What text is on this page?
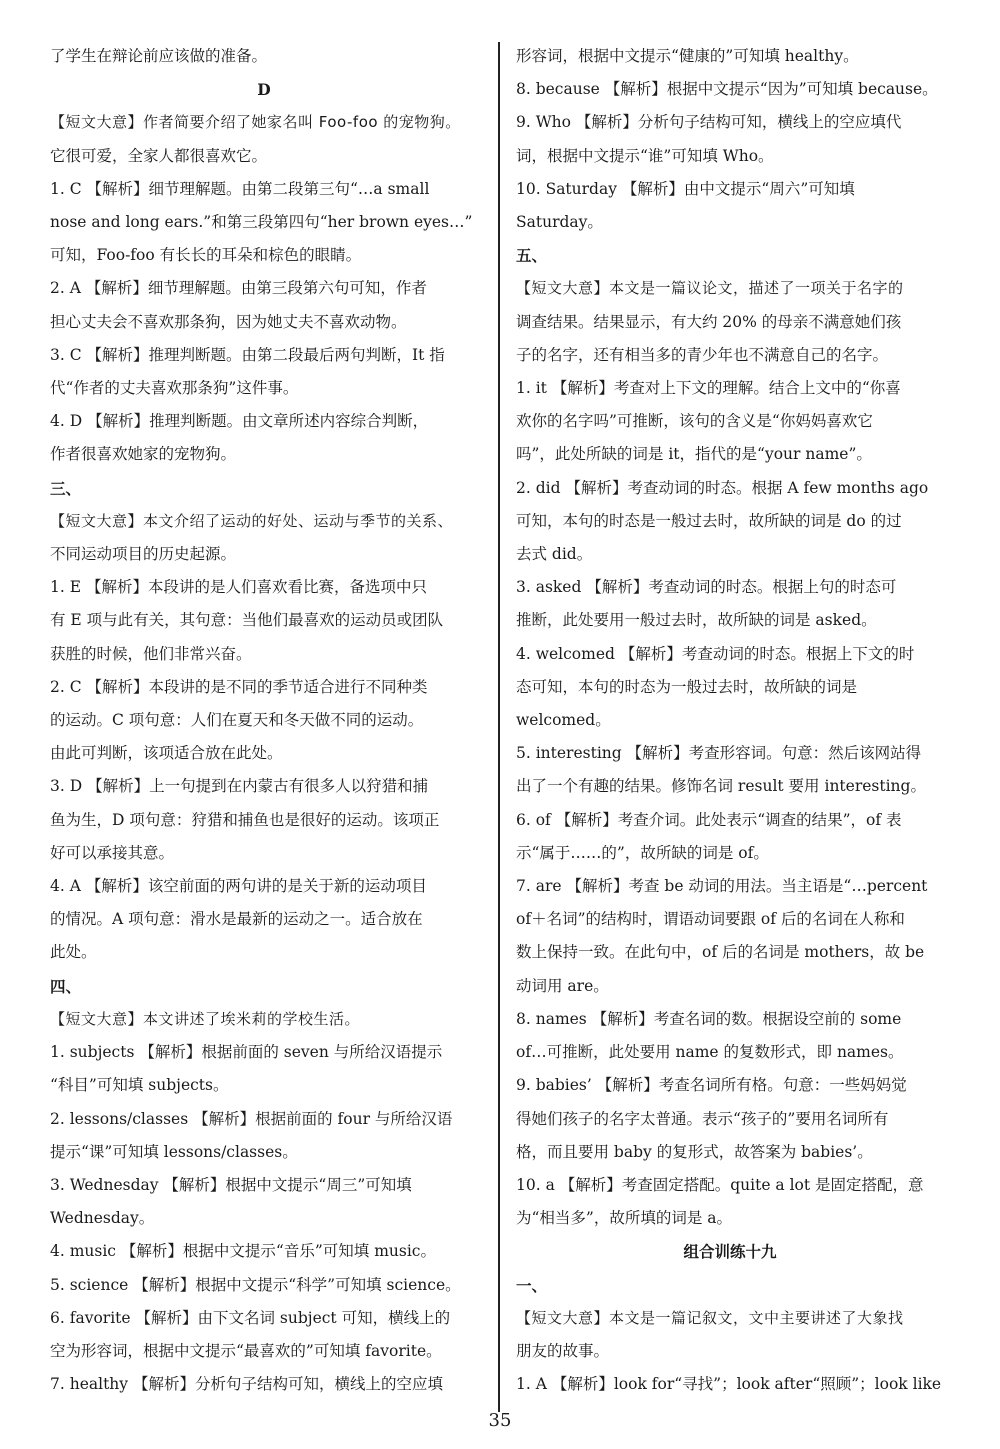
了学生在辩论前应该做的准备。
D
【短文大意】作者简要介绍了她家名叫 Foo-foo 的宠物狗。
它很可爱，全家人都很喜欢它。
1. C 【解析】细节理解题。由第二段第三句“…a small
nose and long ears.”和第三段第四句“her brown eyes…”
可知，Foo-foo 有长长的耳朵和棕色的眼睛。
2. A 【解析】细节理解题。由第三段第六句可知，作者
担心丈夫会不喜欢那条狗，因为她丈夫不喜欢动物。
3. C 【解析】推理判断题。由第二段最后两句判断，It 指
代“作者的丈夫喜欢那条狗”这件事。
4. D 【解析】推理判断题。由文章所述内容综合判断，
作者很喜欢她家的宠物狗。
三、
【短文大意】本文介绍了运动的好处、运动与季节的关系、
不同运动项目的历史起源。
1. E 【解析】本段讲的是人们喜欢看比赛，备选项中只
有 E 项与此有关，其句意：当他们最喜欢的运动员或团队
获胜的时候，他们非常兴奋。
2. C 【解析】本段讲的是不同的季节适合进行不同种类
的运动。C 项句意：人们在夏天和冬天做不同的运动。
由此可判断，该项适合放在此处。
3. D 【解析】上一句提到在内蒙古有很多人以狩猎和捕
鱼为生，D 项句意：狩猎和捕鱼也是很好的运动。该项正
好可以承接其意。
4. A 【解析】该空前面的两句讲的是关于新的运动项目
的情况。A 项句意：滑水是最新的运动之一。适合放在
此处。
四、
【短文大意】本文讲述了埃米莉的学校生活。
1. subjects 【解析】根据前面的 seven 与所给汉语提示
“科目”可知填 subjects。
2. lessons/classes 【解析】根据前面的 four 与所给汉语
提示“课”可知填 lessons/classes。
3. Wednesday 【解析】根据中文提示“周三”可知填
Wednesday。
4. music 【解析】根据中文提示“音乐”可知填 music。
5. science 【解析】根据中文提示“科学”可知填 science。
6. favorite 【解析】由下文名词 subject 可知，横线上的
空为形容词，根据中文提示“最喜欢的”可知填 favorite。
7. healthy 【解析】分析句子结构可知，横线上的空应填
形容词，根据中文提示“健康的”可知填 healthy。
8. because 【解析】根据中文提示“因为”可知填 because。
9. Who 【解析】分析句子结构可知，横线上的空应填代
词，根据中文提示“谁”可知填 Who。
10. Saturday 【解析】由中文提示“周六”可知填
Saturday。
五、
【短文大意】本文是一篇议论文，描述了一项关于名字的
调查结果。结果显示，有大约 20% 的母亲不满意她们孩
子的名字，还有相当多的青少年也不满意自己的名字。
1. it 【解析】考查对上下文的理解。结合上文中的“你喜
欢你的名字吗”可推断，该句的含义是“你妈妈喜欢它
吗”，此处所缺的词是 it，指代的是“your name”。
2. did 【解析】考查动词的时态。根据 A few months ago
可知，本句的时态是一般过去时，故所缺的词是 do 的过
去式 did。
3. asked 【解析】考查动词的时态。根据上句的时态可
推断，此处要用一般过去时，故所缺的词是 asked。
4. welcomed 【解析】考查动词的时态。根据上下文的时
态可知，本句的时态为一般过去时，故所缺的词是
welcomed。
5. interesting 【解析】考查形容词。句意：然后该网站得
出了一个有趣的结果。修饰名词 result 要用 interesting。
6. of 【解析】考查介词。此处表示“调查的结果”，of 表
示“属于……的”，故所缺的词是 of。
7. are 【解析】考查 be 动词的用法。当主语是“…percent
of＋名词”的结构时，谓语动词要跟 of 后的名词在人称和
数上保持一致。在此句中，of 后的名词是 mothers，故 be
动词用 are。
8. names 【解析】考查名词的数。根据设空前的 some
of…可推断，此处要用 name 的复数形式，即 names。
9. babies’ 【解析】考查名词所有格。句意：一些妈妈觉
得她们孩子的名字太普通。表示“孩子的”要用名词所有
格，而且要用 baby 的复形式，故答案为 babies’。
10. a 【解析】考查固定搭配。quite a lot 是固定搭配，意
为“相当多”，故所填的词是 a。
组合训练十九
一、
【短文大意】本文是一篇记叙文，文中主要讲述了大象找
朋友的故事。
1. A 【解析】look for“寻找”；look after“照顾”；look like
35
